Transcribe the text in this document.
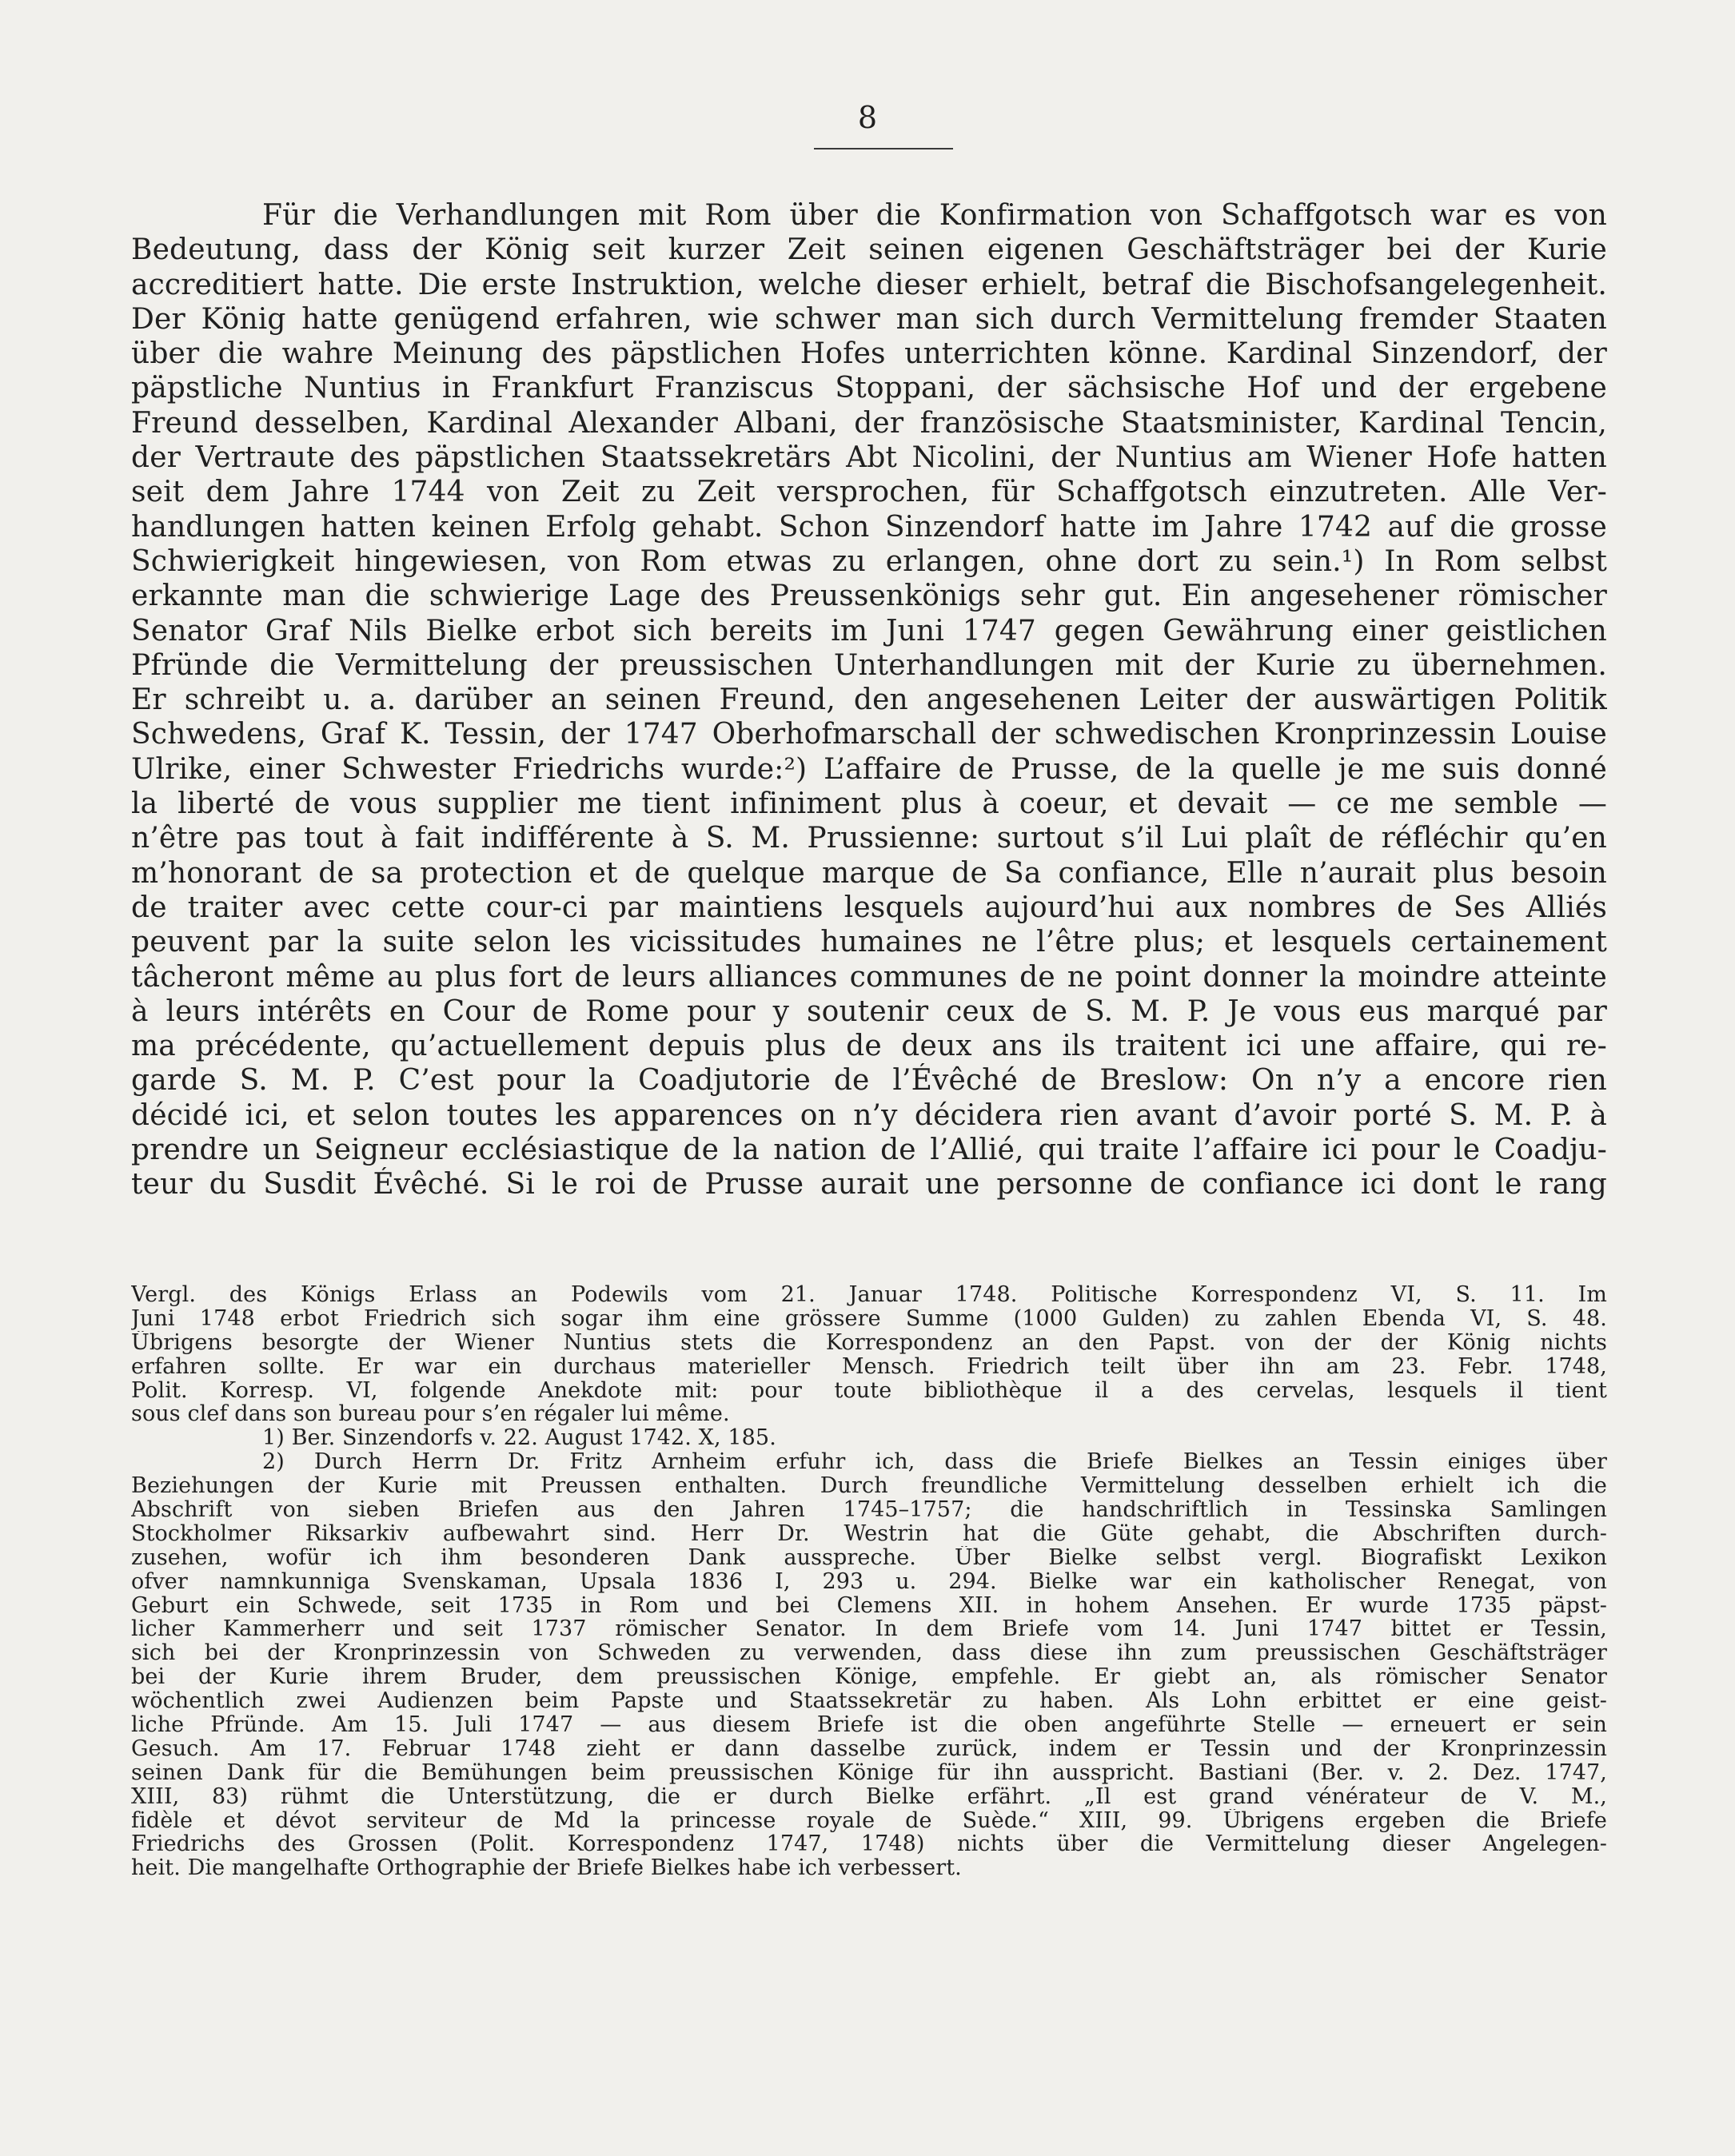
8
Für die Verhandlungen mit Rom über die Konfirmation von Schaffgotsch war es von
Bedeutung, dass der König seit kurzer Zeit seinen eigenen Geschäftsträger bei der Kurie
accreditiert hatte. Die erste Instruktion, welche dieser erhielt, betraf die Bischofsangelegenheit.
Der König hatte genügend erfahren, wie schwer man sich durch Vermittelung fremder Staaten
über die wahre Meinung des päpstlichen Hofes unterrichten könne. Kardinal Sinzendorf, der
päpstliche Nuntius in Frankfurt Franziscus Stoppani, der sächsische Hof und der ergebene
Freund desselben, Kardinal Alexander Albani, der französische Staatsminister, Kardinal Tencin,
der Vertraute des päpstlichen Staatssekretärs Abt Nicolini, der Nuntius am Wiener Hofe hatten
seit dem Jahre 1744 von Zeit zu Zeit versprochen, für Schaffgotsch einzutreten. Alle Ver-
handlungen hatten keinen Erfolg gehabt. Schon Sinzendorf hatte im Jahre 1742 auf die grosse
Schwierigkeit hingewiesen, von Rom etwas zu erlangen, ohne dort zu sein.¹) In Rom selbst
erkannte man die schwierige Lage des Preussenkönigs sehr gut. Ein angesehener römischer
Senator Graf Nils Bielke erbot sich bereits im Juni 1747 gegen Gewährung einer geistlichen
Pfründe die Vermittelung der preussischen Unterhandlungen mit der Kurie zu übernehmen.
Er schreibt u. a. darüber an seinen Freund, den angesehenen Leiter der auswärtigen Politik
Schwedens, Graf K. Tessin, der 1747 Oberhofmarschall der schwedischen Kronprinzessin Louise
Ulrike, einer Schwester Friedrichs wurde:²) L’affaire de Prusse, de la quelle je me suis donné
la liberté de vous supplier me tient infiniment plus à coeur, et devait — ce me semble —
n’être pas tout à fait indifférente à S. M. Prussienne: surtout s’il Lui plaît de réfléchir qu’en
m’honorant de sa protection et de quelque marque de Sa confiance, Elle n’aurait plus besoin
de traiter avec cette cour-ci par maintiens lesquels aujourd’hui aux nombres de Ses Alliés
peuvent par la suite selon les vicissitudes humaines ne l’être plus; et lesquels certainement
tâcheront même au plus fort de leurs alliances communes de ne point donner la moindre atteinte
à leurs intérêts en Cour de Rome pour y soutenir ceux de S. M. P. Je vous eus marqué par
ma précédente, qu’actuellement depuis plus de deux ans ils traitent ici une affaire, qui re-
garde S. M. P. C’est pour la Coadjutorie de l’Évêché de Breslow: On n’y a encore rien
décidé ici, et selon toutes les apparences on n’y décidera rien avant d’avoir porté S. M. P. à
prendre un Seigneur ecclésiastique de la nation de l’Allié, qui traite l’affaire ici pour le Coadju-
teur du Susdit Évêché. Si le roi de Prusse aurait une personne de confiance ici dont le rang
Vergl. des Königs Erlass an Podewils vom 21. Januar 1748. Politische Korrespondenz VI, S. 11. Im
Juni 1748 erbot Friedrich sich sogar ihm eine grössere Summe (1000 Gulden) zu zahlen Ebenda VI, S. 48.
Übrigens besorgte der Wiener Nuntius stets die Korrespondenz an den Papst. von der der König nichts
erfahren sollte. Er war ein durchaus materieller Mensch. Friedrich teilt über ihn am 23. Febr. 1748,
Polit. Korresp. VI, folgende Anekdote mit: pour toute bibliothèque il a des cervelas, lesquels il tient
sous clef dans son bureau pour s’en régaler lui même.
1) Ber. Sinzendorfs v. 22. August 1742. X, 185.
2) Durch Herrn Dr. Fritz Arnheim erfuhr ich, dass die Briefe Bielkes an Tessin einiges über
Beziehungen der Kurie mit Preussen enthalten. Durch freundliche Vermittelung desselben erhielt ich die
Abschrift von sieben Briefen aus den Jahren 1745–1757; die handschriftlich in Tessinska Samlingen
Stockholmer Riksarkiv aufbewahrt sind. Herr Dr. Westrin hat die Güte gehabt, die Abschriften durch-
zusehen, wofür ich ihm besonderen Dank ausspreche. Über Bielke selbst vergl. Biografiskt Lexikon
ofver namnkunniga Svenskaman, Upsala 1836 I, 293 u. 294. Bielke war ein katholischer Renegat, von
Geburt ein Schwede, seit 1735 in Rom und bei Clemens XII. in hohem Ansehen. Er wurde 1735 päpst-
licher Kammerherr und seit 1737 römischer Senator. In dem Briefe vom 14. Juni 1747 bittet er Tessin,
sich bei der Kronprinzessin von Schweden zu verwenden, dass diese ihn zum preussischen Geschäftsträger
bei der Kurie ihrem Bruder, dem preussischen Könige, empfehle. Er giebt an, als römischer Senator
wöchentlich zwei Audienzen beim Papste und Staatssekretär zu haben. Als Lohn erbittet er eine geist-
liche Pfründe. Am 15. Juli 1747 — aus diesem Briefe ist die oben angeführte Stelle — erneuert er sein
Gesuch. Am 17. Februar 1748 zieht er dann dasselbe zurück, indem er Tessin und der Kronprinzessin
seinen Dank für die Bemühungen beim preussischen Könige für ihn ausspricht. Bastiani (Ber. v. 2. Dez. 1747,
XIII, 83) rühmt die Unterstützung, die er durch Bielke erfährt. „Il est grand vénérateur de V. M.,
fidèle et dévot serviteur de Md la princesse royale de Suède.“ XIII, 99. Übrigens ergeben die Briefe
Friedrichs des Grossen (Polit. Korrespondenz 1747, 1748) nichts über die Vermittelung dieser Angelegen-
heit. Die mangelhafte Orthographie der Briefe Bielkes habe ich verbessert.
